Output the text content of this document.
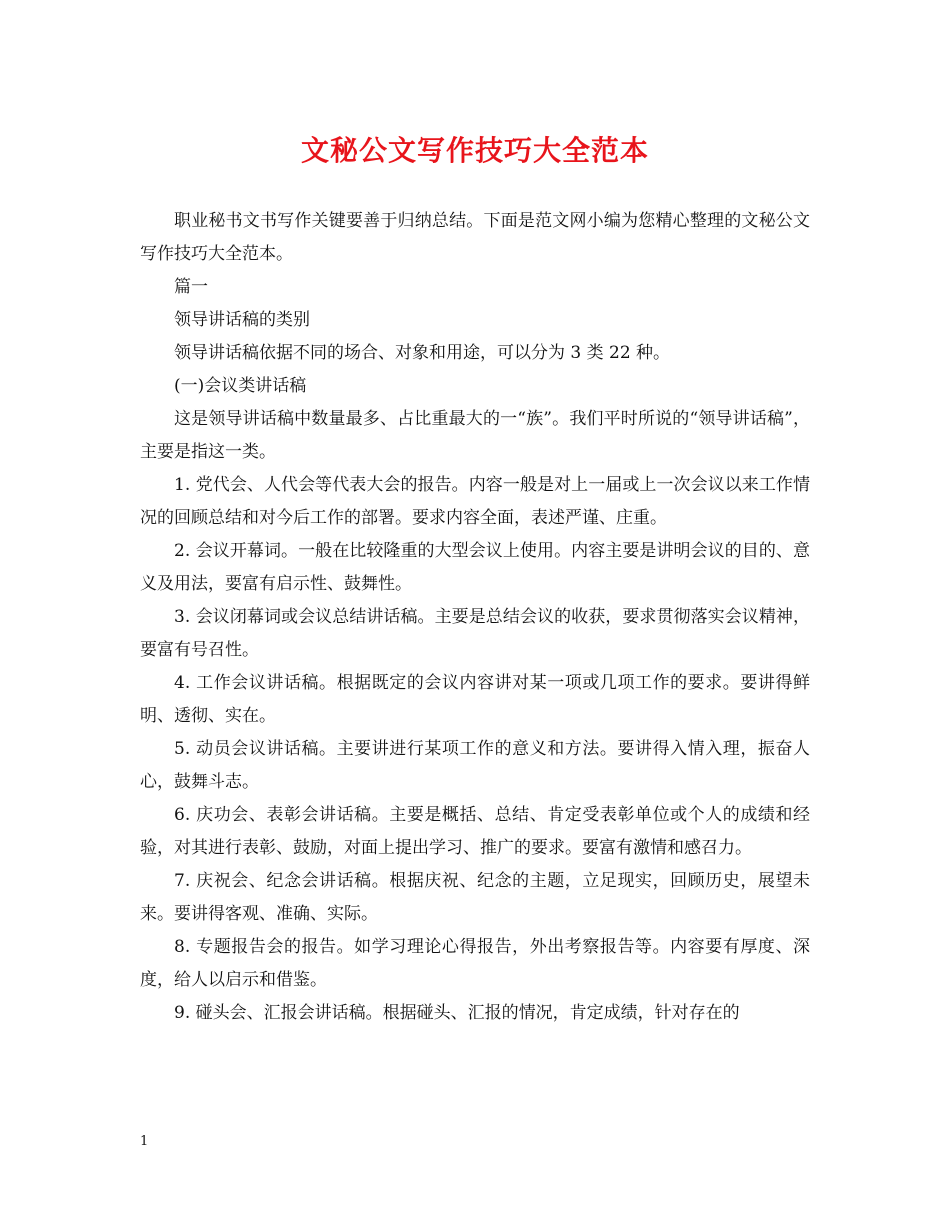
文秘公文写作技巧大全范本

职业秘书文书写作关键要善于归纳总结。下面是范文网小编为您精心整理的文秘公文写作技巧大全范本。

篇一

领导讲话稿的类别

领导讲话稿依据不同的场合、对象和用途，可以分为 3 类 22 种。

(一)会议类讲话稿

这是领导讲话稿中数量最多、占比重最大的一“族”。我们平时所说的“领导讲话稿”，主要是指这一类。

1. 党代会、人代会等代表大会的报告。内容一般是对上一届或上一次会议以来工作情况的回顾总结和对今后工作的部署。要求内容全面，表述严谨、庄重。

2. 会议开幕词。一般在比较隆重的大型会议上使用。内容主要是讲明会议的目的、意义及用法，要富有启示性、鼓舞性。

3. 会议闭幕词或会议总结讲话稿。主要是总结会议的收获，要求贯彻落实会议精神，要富有号召性。

4. 工作会议讲话稿。根据既定的会议内容讲对某一项或几项工作的要求。要讲得鲜明、透彻、实在。

5. 动员会议讲话稿。主要讲进行某项工作的意义和方法。要讲得入情入理，振奋人心，鼓舞斗志。

6. 庆功会、表彰会讲话稿。主要是概括、总结、肯定受表彰单位或个人的成绩和经验，对其进行表彰、鼓励，对面上提出学习、推广的要求。要富有激情和感召力。

7. 庆祝会、纪念会讲话稿。根据庆祝、纪念的主题，立足现实，回顾历史，展望未来。要讲得客观、准确、实际。

8. 专题报告会的报告。如学习理论心得报告，外出考察报告等。内容要有厚度、深度，给人以启示和借鉴。

9. 碰头会、汇报会讲话稿。根据碰头、汇报的情况，肯定成绩，针对存在的

1
